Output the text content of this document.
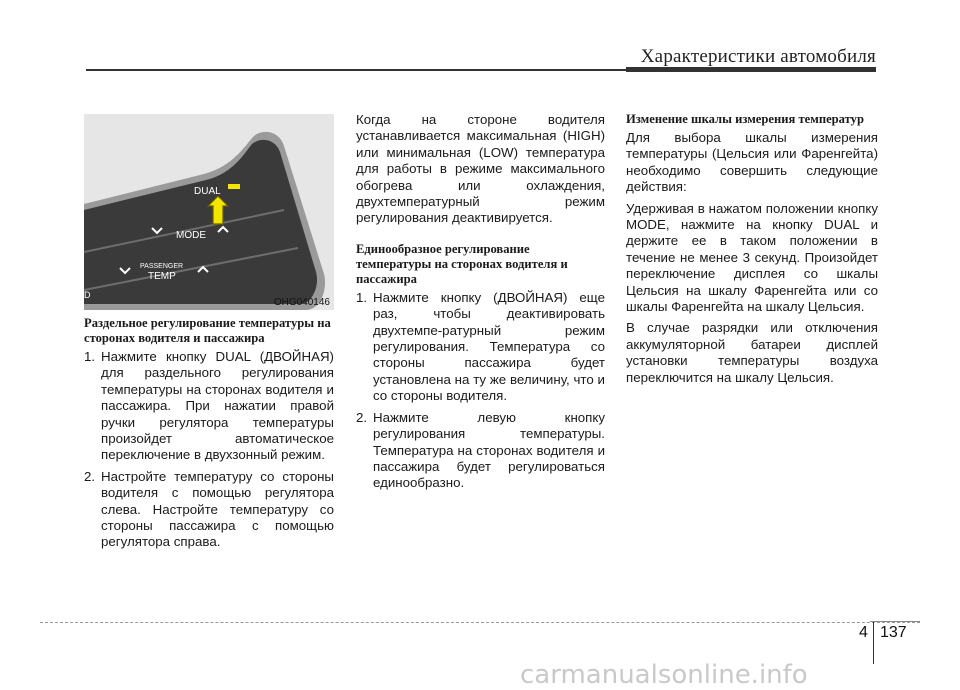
Характеристики автомобиля
DUAL
MODE
PASSENGER
TEMP
D
OHG040146
Раздельное регулирование температуры на сторонах водителя и пассажира
1. Нажмите кнопку DUAL (ДВОЙНАЯ) для раздельного регулирования температуры на сторонах водителя и пассажира. При нажатии правой ручки регулятора температуры произойдет автоматическое переключение в двухзонный режим.
2. Настройте температуру со стороны водителя с помощью регулятора слева. Настройте температуру со стороны пассажира с помощью регулятора справа.

Когда на стороне водителя устанавливается максимальная (HIGH) или минимальная (LOW) температура для работы в режиме максимального обогрева или охлаждения, двухтемпературный режим регулирования деактивируется.

Единообразное регулирование температуры на сторонах водителя и пассажира
1. Нажмите кнопку (ДВОЙНАЯ) еще раз, чтобы деактивировать двухтемпе-ратурный режим регулирования. Температура со стороны пассажира будет установлена на ту же величину, что и со стороны водителя.
2. Нажмите левую кнопку регулирования температуры. Температура на сторонах водителя и пассажира будет регулироваться единообразно.
Изменение шкалы измерения температур

Для выбора шкалы измерения температуры (Цельсия или Фаренгейта) необходимо совершить следующие действия:

Удерживая в нажатом положении кнопку MODE, нажмите на кнопку DUAL и держите ее в таком положении в течение не менее 3 секунд. Произойдет переключение дисплея со шкалы Цельсия на шкалу Фаренгейта или со шкалы Фаренгейта на шкалу Цельсия.

В случае разрядки или отключения аккумуляторной батареи дисплей установки температуры воздуха переключится на шкалу Цельсия.

4 137
carmanualsonline.info
